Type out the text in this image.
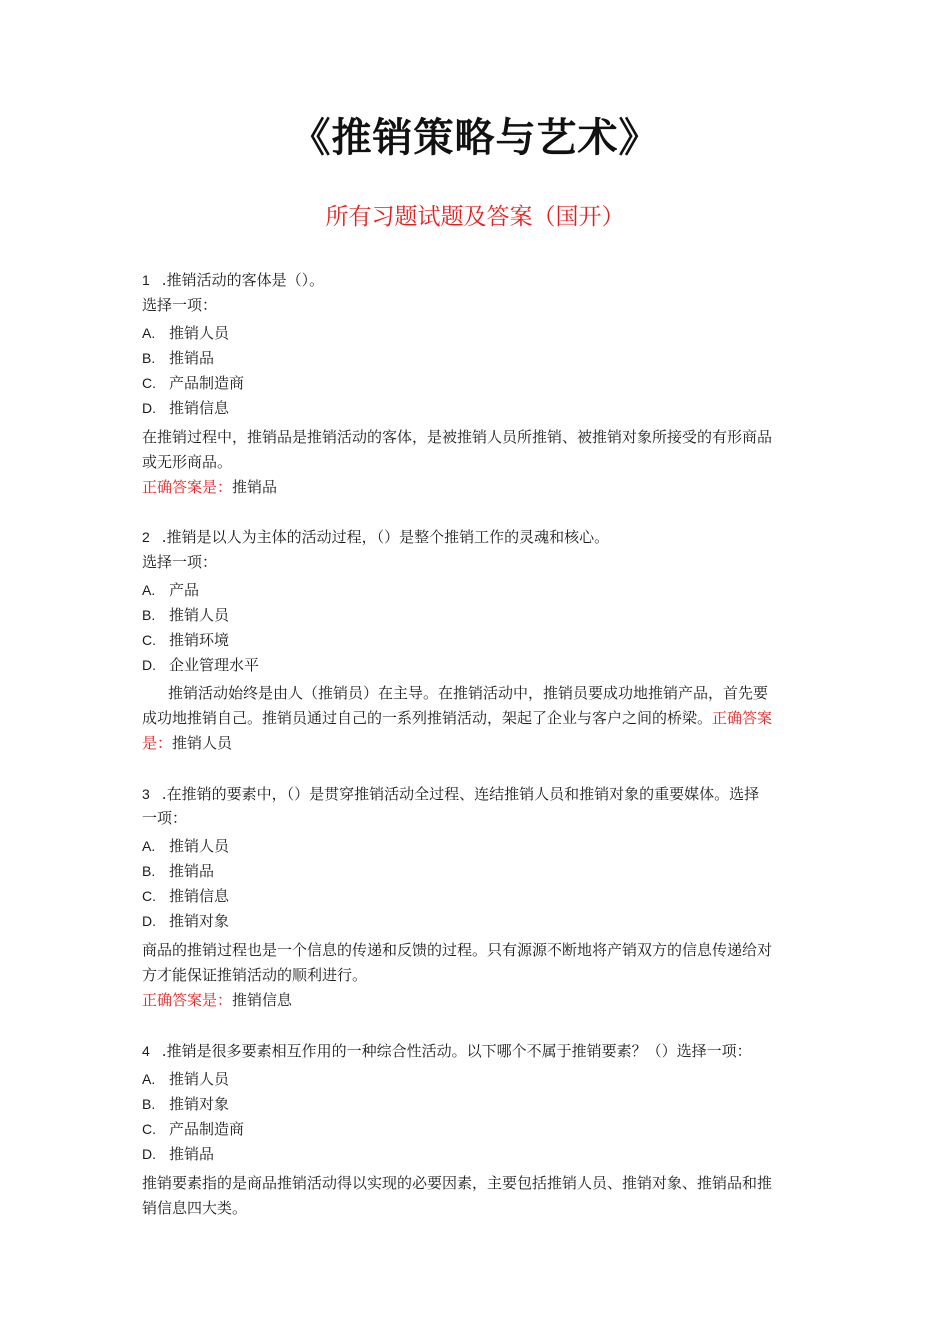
《推销策略与艺术》
所有习题试题及答案（国开）
1 .推销活动的客体是（）。
选择一项：
A. 推销人员
B. 推销品
C. 产品制造商
D. 推销信息
在推销过程中，推销品是推销活动的客体，是被推销人员所推销、被推销对象所接受的有形商品
或无形商品。
正确答案是：推销品
2 .推销是以人为主体的活动过程，（）是整个推销工作的灵魂和核心。
选择一项：
A. 产品
B. 推销人员
C. 推销环境
D. 企业管理水平
推销活动始终是由人（推销员）在主导。在推销活动中，推销员要成功地推销产品，首先要
成功地推销自己。推销员通过自己的一系列推销活动，架起了企业与客户之间的桥梁。正确答案
是：推销人员
3 .在推销的要素中，（）是贯穿推销活动全过程、连结推销人员和推销对象的重要媒体。选择
一项：
A. 推销人员
B. 推销品
C. 推销信息
D. 推销对象
商品的推销过程也是一个信息的传递和反馈的过程。只有源源不断地将产销双方的信息传递给对
方才能保证推销活动的顺利进行。
正确答案是：推销信息
4 .推销是很多要素相互作用的一种综合性活动。以下哪个不属于推销要素？（）选择一项：
A. 推销人员
B. 推销对象
C. 产品制造商
D. 推销品
推销要素指的是商品推销活动得以实现的必要因素，主要包括推销人员、推销对象、推销品和推
销信息四大类。
